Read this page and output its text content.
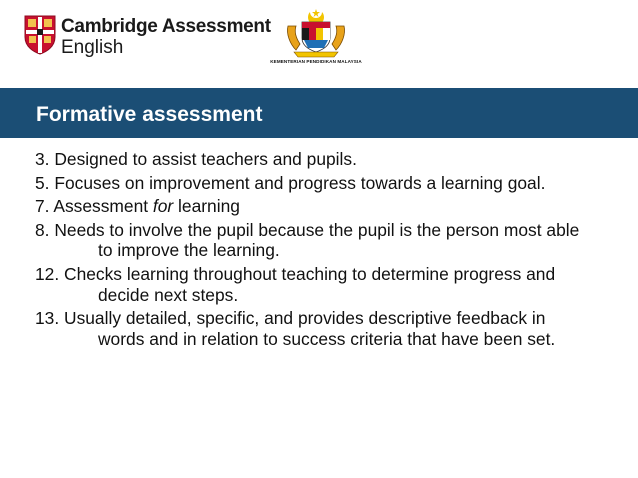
Cambridge Assessment
English
KEMENTERIAN PENDIDIKAN MALAYSIA
Formative assessment
3. Designed to assist teachers and pupils.
5. Focuses on improvement and progress towards a learning goal.
7. Assessment for learning
8. Needs to involve the pupil because the pupil is the person most able to improve the learning.
12. Checks learning throughout teaching to determine progress and decide next steps.
13. Usually detailed, specific, and provides descriptive feedback in words and in relation to success criteria that have been set.
